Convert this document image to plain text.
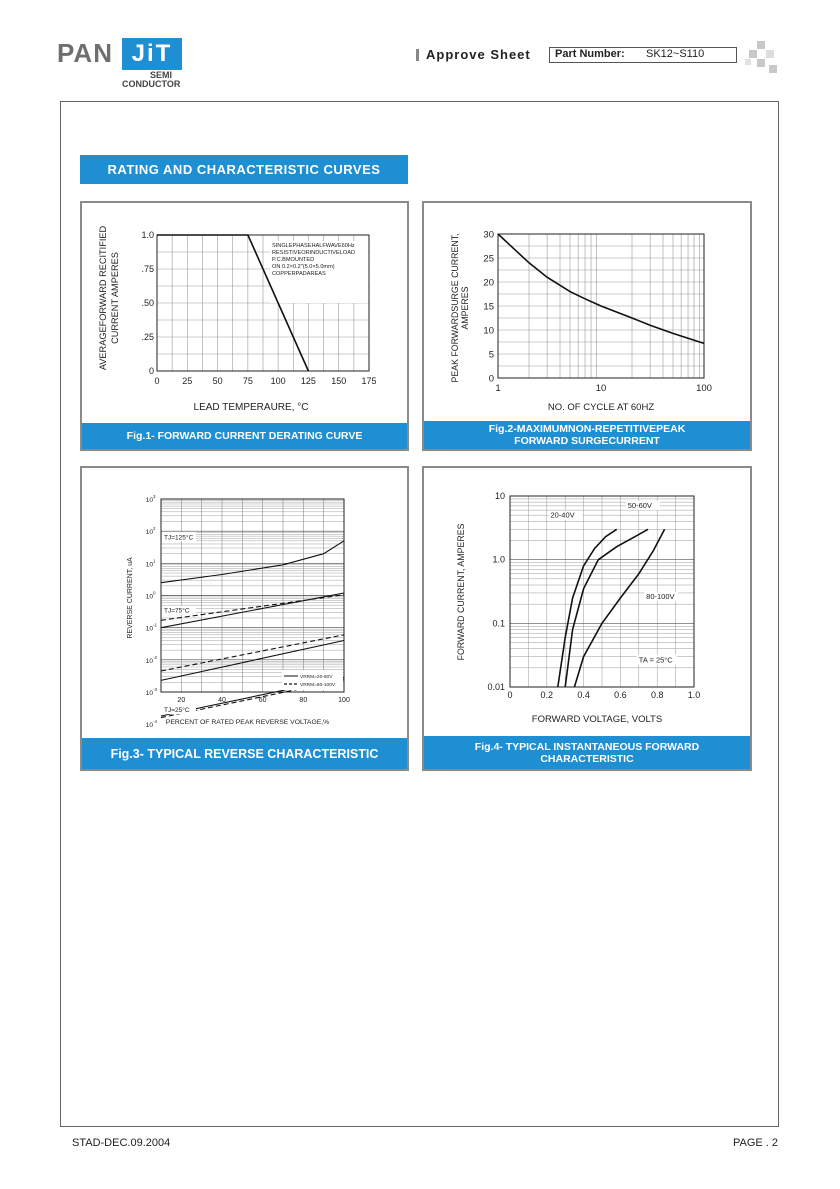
PAN JiT
SEMI
CONDUCTOR
Approve Sheet Part Number: SK12~S110
RATING AND CHARACTERISTIC CURVES
0	25 50 75 100 125 150 175
0
.25
.50
.75
1.0
SINGLEPHASEHALFWAVE60Hz
RESISTIVEORINDUCTIVELOAD
P.C.BMOUNTED
ON 0.2×0.2"(5.0×5.0mm)
COPPERPADAREAS
LEAD TEMPERAURE, °C
AVERAGEFORWARD RECITIFIED CURRENT AMPERES
Fig.1- FORWARD CURRENT DERATING CURVE
1	10	100
0
5
10
15
20
25
30
NO. OF CYCLE AT 60HZ
PEAK FORWARDSURGE CURRENT, AMPERES
Fig.2-MAXIMUMNON-REPETITIVEPEAK
FORWARD SURGECURRENT
20	40	60	80	100
10
3
10
2
10
1
10
0
10
-1
10
-2
10
-3
10
-4
TJ=125°C
TJ=75°C
TJ=25°C
VRRM=20-60V
VRRM=80-100V
PERCENT OF RATED PEAK REVERSE VOLTAGE,%
REVERSE CURRENT, uA
Fig.3- TYPICAL REVERSE CHARACTERISTIC
0	0.2	0.4	0.6	0.8	1.0
0.01
0.1
1.0
10
20-40V
50-60V
80-100V
TA = 25°C
FORWARD VOLTAGE, VOLTS
FORWARD CURRENT, AMPERES
Fig.4- TYPICAL INSTANTANEOUS FORWARD
CHARACTERISTIC
STAD-DEC.09.2004	PAGE . 2
